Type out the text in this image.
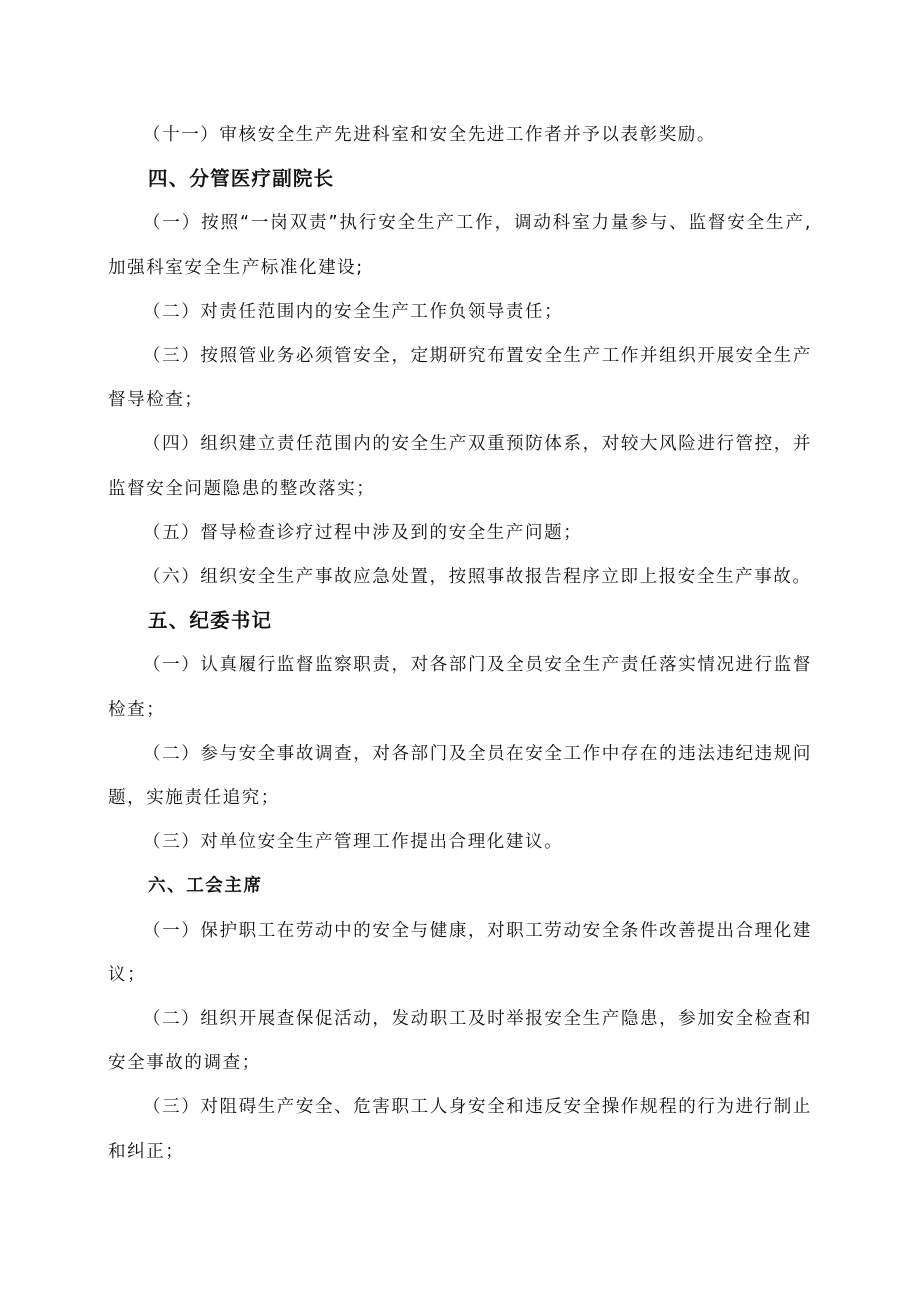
（十一）审核安全生产先进科室和安全先进工作者并予以表彰奖励。

四、分管医疗副院长

（一）按照“一岗双责”执行安全生产工作，调动科室力量参与、监督安全生产,加强科室安全生产标准化建设;

（二）对责任范围内的安全生产工作负领导责任；

（三）按照管业务必须管安全，定期研究布置安全生产工作并组织开展安全生产督导检查；

（四）组织建立责任范围内的安全生产双重预防体系，对较大风险进行管控，并监督安全问题隐患的整改落实；

（五）督导检查诊疗过程中涉及到的安全生产问题；

（六）组织安全生产事故应急处置，按照事故报告程序立即上报安全生产事故。

五、纪委书记

（一）认真履行监督监察职责，对各部门及全员安全生产责任落实情况进行监督检查；

（二）参与安全事故调查，对各部门及全员在安全工作中存在的违法违纪违规问题，实施责任追究；

（三）对单位安全生产管理工作提出合理化建议。

六、工会主席

（一）保护职工在劳动中的安全与健康，对职工劳动安全条件改善提出合理化建议；

（二）组织开展查保促活动，发动职工及时举报安全生产隐患，参加安全检查和安全事故的调查；

（三）对阻碍生产安全、危害职工人身安全和违反安全操作规程的行为进行制止和纠正；
